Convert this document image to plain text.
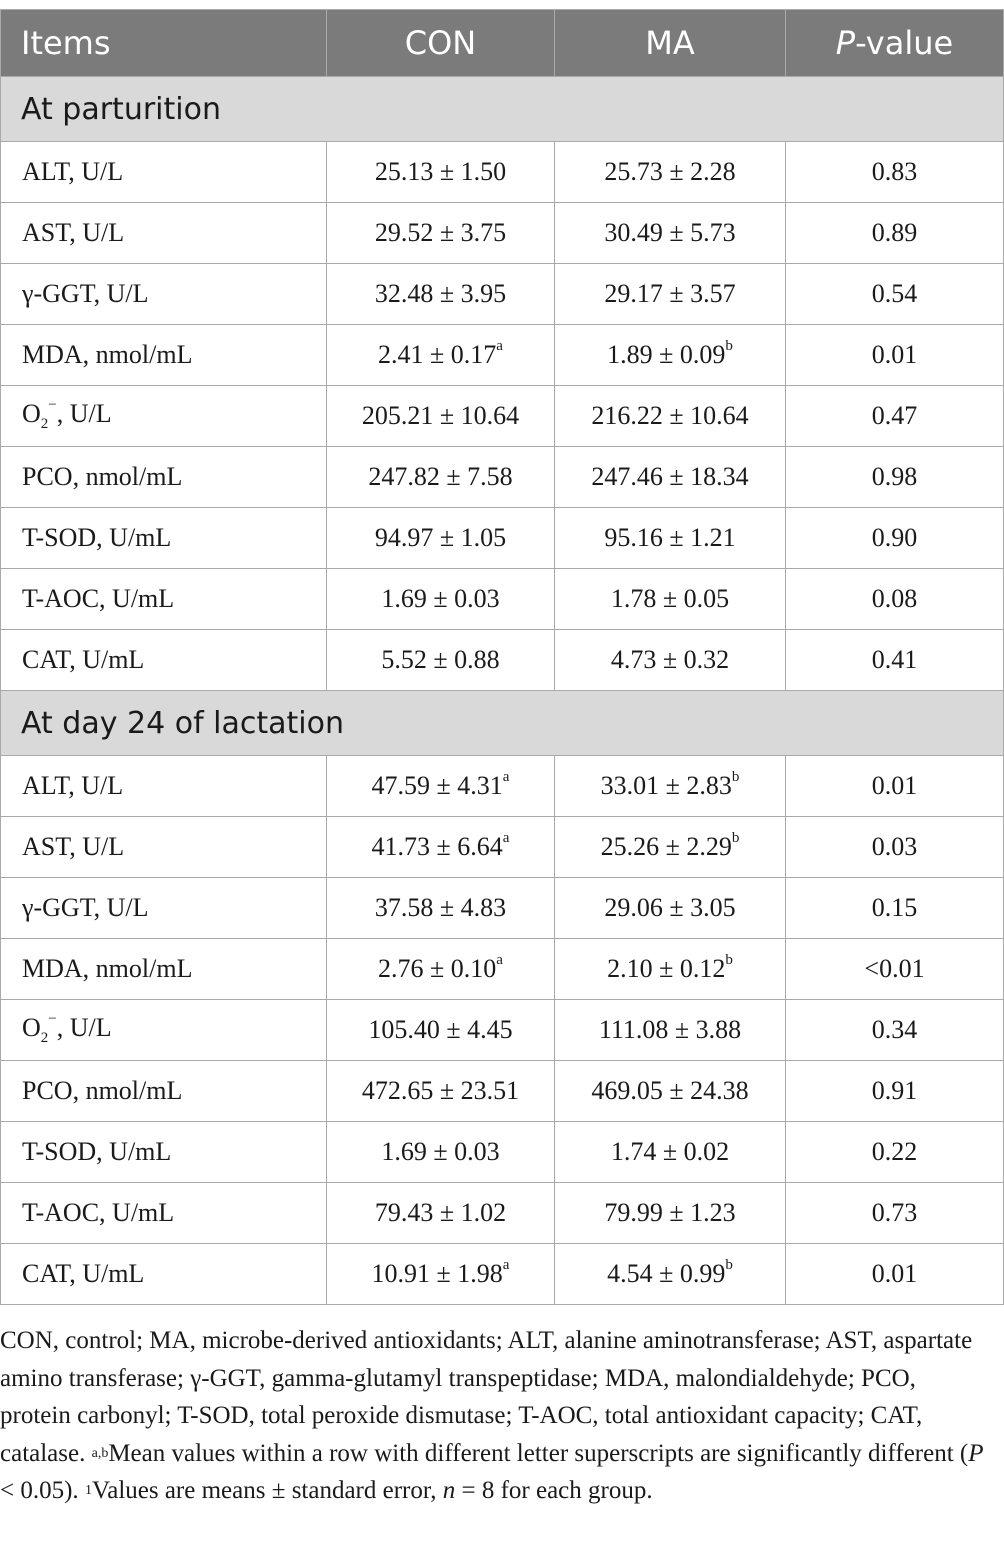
Items	CON	MA	P-value
At parturition			
ALT, U/L	25.13 ± 1.50	25.73 ± 2.28	0.83
AST, U/L	29.52 ± 3.75	30.49 ± 5.73	0.89
γ-GGT, U/L	32.48 ± 3.95	29.17 ± 3.57	0.54
MDA, nmol/mL	2.41 ± 0.17$^a$	1.89 ± 0.09$^b$	0.01
$O_2^-$, U/L	205.21 ± 10.64	216.22 ± 10.64	0.47
PCO, nmol/mL	247.82 ± 7.58	247.46 ± 18.34	0.98
T-SOD, U/mL	94.97 ± 1.05	95.16 ± 1.21	0.90
T-AOC, U/mL	1.69 ± 0.03	1.78 ± 0.05	0.08
CAT, U/mL	5.52 ± 0.88	4.73 ± 0.32	0.41
At day 24 of lactation			
ALT, U/L	47.59 ± 4.31$^a$	33.01 ± 2.83$^b$	0.01
AST, U/L	41.73 ± 6.64$^a$	25.26 ± 2.29$^b$	0.03
γ-GGT, U/L	37.58 ± 4.83	29.06 ± 3.05	0.15
MDA, nmol/mL	2.76 ± 0.10$^a$	2.10 ± 0.12$^b$	<0.01
$O_2^-$, U/L	105.40 ± 4.45	111.08 ± 3.88	0.34
PCO, nmol/mL	472.65 ± 23.51	469.05 ± 24.38	0.91
T-SOD, U/mL	1.69 ± 0.03	1.74 ± 0.02	0.22
T-AOC, U/mL	79.43 ± 1.02	79.99 ± 1.23	0.73
CAT, U/mL	10.91 ± 1.98$^a$	4.54 ± 0.99$^b$	0.01
CON, control; MA, microbe-derived antioxidants; ALT, alanine aminotransferase; AST, aspartate amino transferase; γ-GGT, gamma-glutamyl transpeptidase; MDA, malondialdehyde; PCO, protein carbonyl; T-SOD, total peroxide dismutase; T-AOC, total antioxidant capacity; CAT, catalase. $^{a,b}$Mean values within a row with different letter superscripts are significantly different (P < 0.05). $^1$Values are means ± standard error, n = 8 for each group.
